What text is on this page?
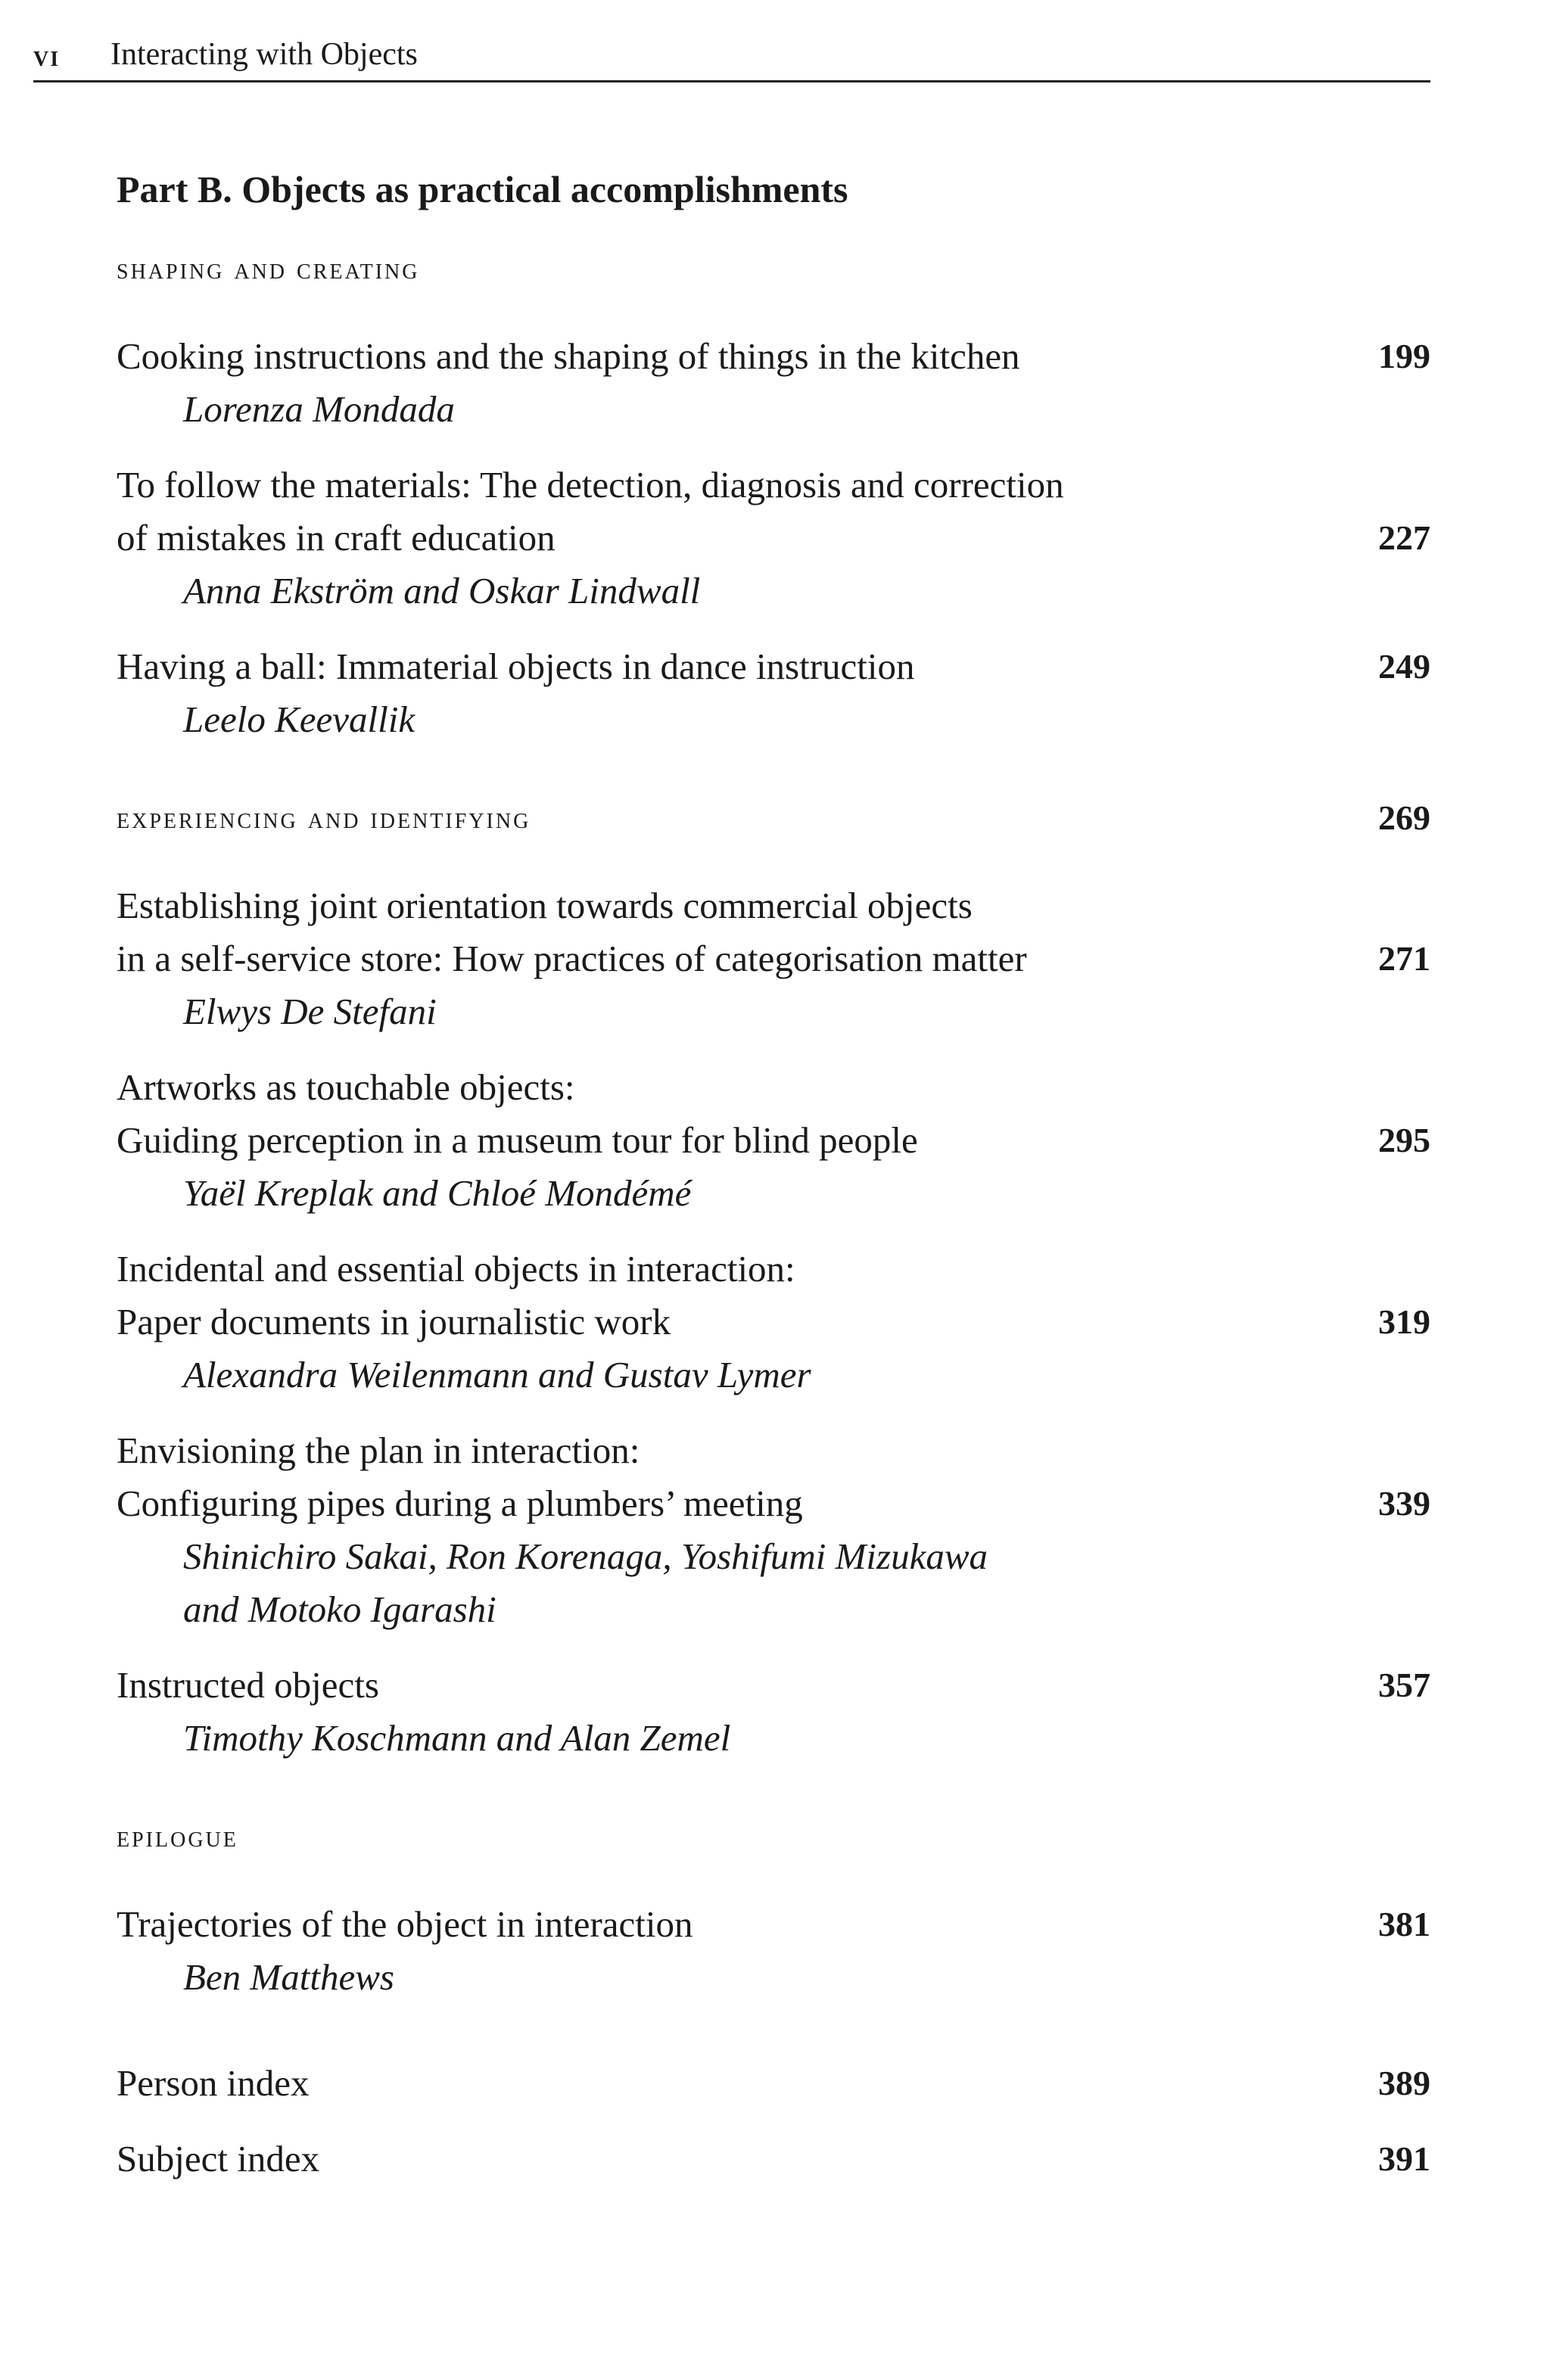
vi Interacting with Objects
Part B. Objects as practical accomplishments
shaping and creating
Cooking instructions and the shaping of things in the kitchen	199
Lorenza Mondada
To follow the materials: The detection, diagnosis and correction
of mistakes in craft education	227
Anna Ekström and Oskar Lindwall
Having a ball: Immaterial objects in dance instruction	249
Leelo Keevallik
experiencing and identifying	269
Establishing joint orientation towards commercial objects
in a self-service store: How practices of categorisation matter	271
Elwys De Stefani
Artworks as touchable objects:
Guiding perception in a museum tour for blind people	295
Yaël Kreplak and Chloé Mondémé
Incidental and essential objects in interaction:
Paper documents in journalistic work	319
Alexandra Weilenmann and Gustav Lymer
Envisioning the plan in interaction:
Configuring pipes during a plumbers’ meeting	339
Shinichiro Sakai, Ron Korenaga, Yoshifumi Mizukawa
and Motoko Igarashi
Instructed objects	357
Timothy Koschmann and Alan Zemel
epilogue
Trajectories of the object in interaction	381
Ben Matthews
Person index	389
Subject index	391
